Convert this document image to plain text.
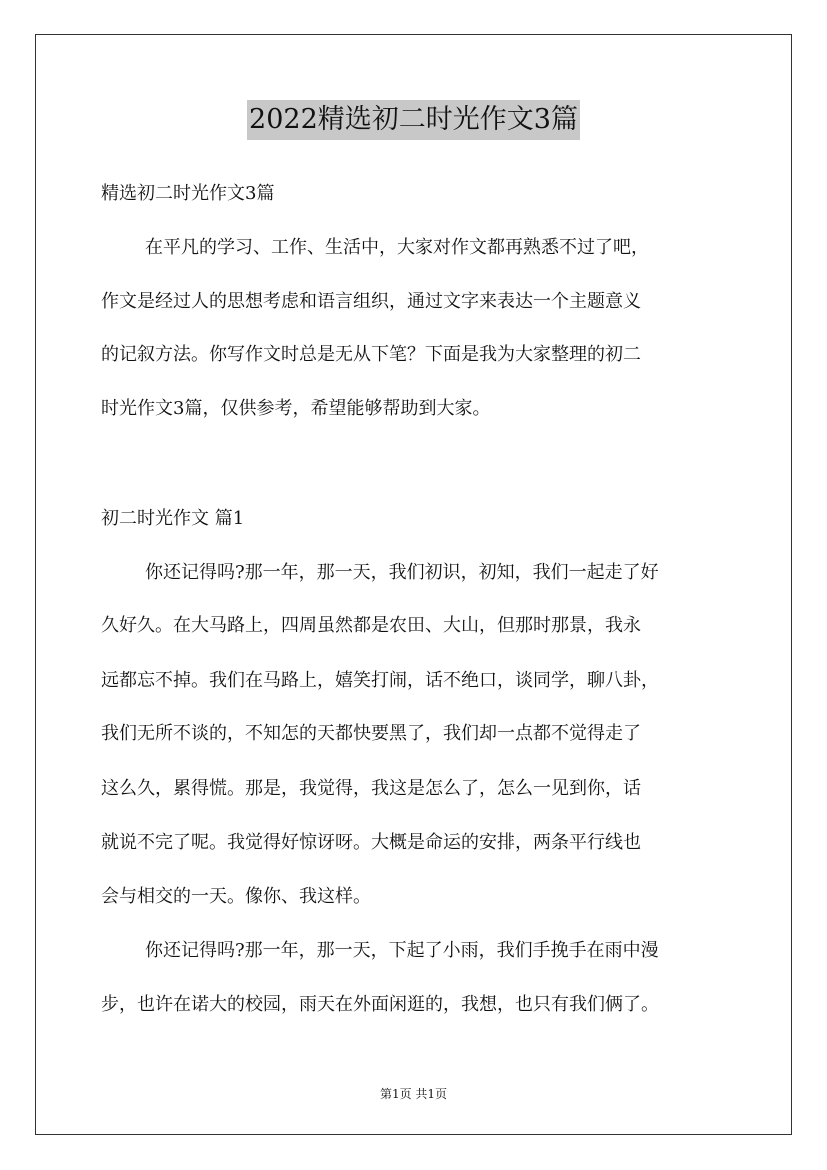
2022精选初二时光作文3篇
精选初二时光作文3篇
在平凡的学习、工作、生活中，大家对作文都再熟悉不过了吧，
作文是经过人的思想考虑和语言组织，通过文字来表达一个主题意义
的记叙方法。你写作文时总是无从下笔？下面是我为大家整理的初二
时光作文3篇，仅供参考，希望能够帮助到大家。
初二时光作文 篇1
你还记得吗?那一年，那一天，我们初识，初知，我们一起走了好
久好久。在大马路上，四周虽然都是农田、大山，但那时那景，我永
远都忘不掉。我们在马路上，嬉笑打闹，话不绝口，谈同学，聊八卦，
我们无所不谈的，不知怎的天都快要黑了，我们却一点都不觉得走了
这么久，累得慌。那是，我觉得，我这是怎么了，怎么一见到你，话
就说不完了呢。我觉得好惊讶呀。大概是命运的安排，两条平行线也
会与相交的一天。像你、我这样。
你还记得吗?那一年，那一天，下起了小雨，我们手挽手在雨中漫
步，也许在诺大的校园，雨天在外面闲逛的，我想，也只有我们俩了。
第1页 共1页
